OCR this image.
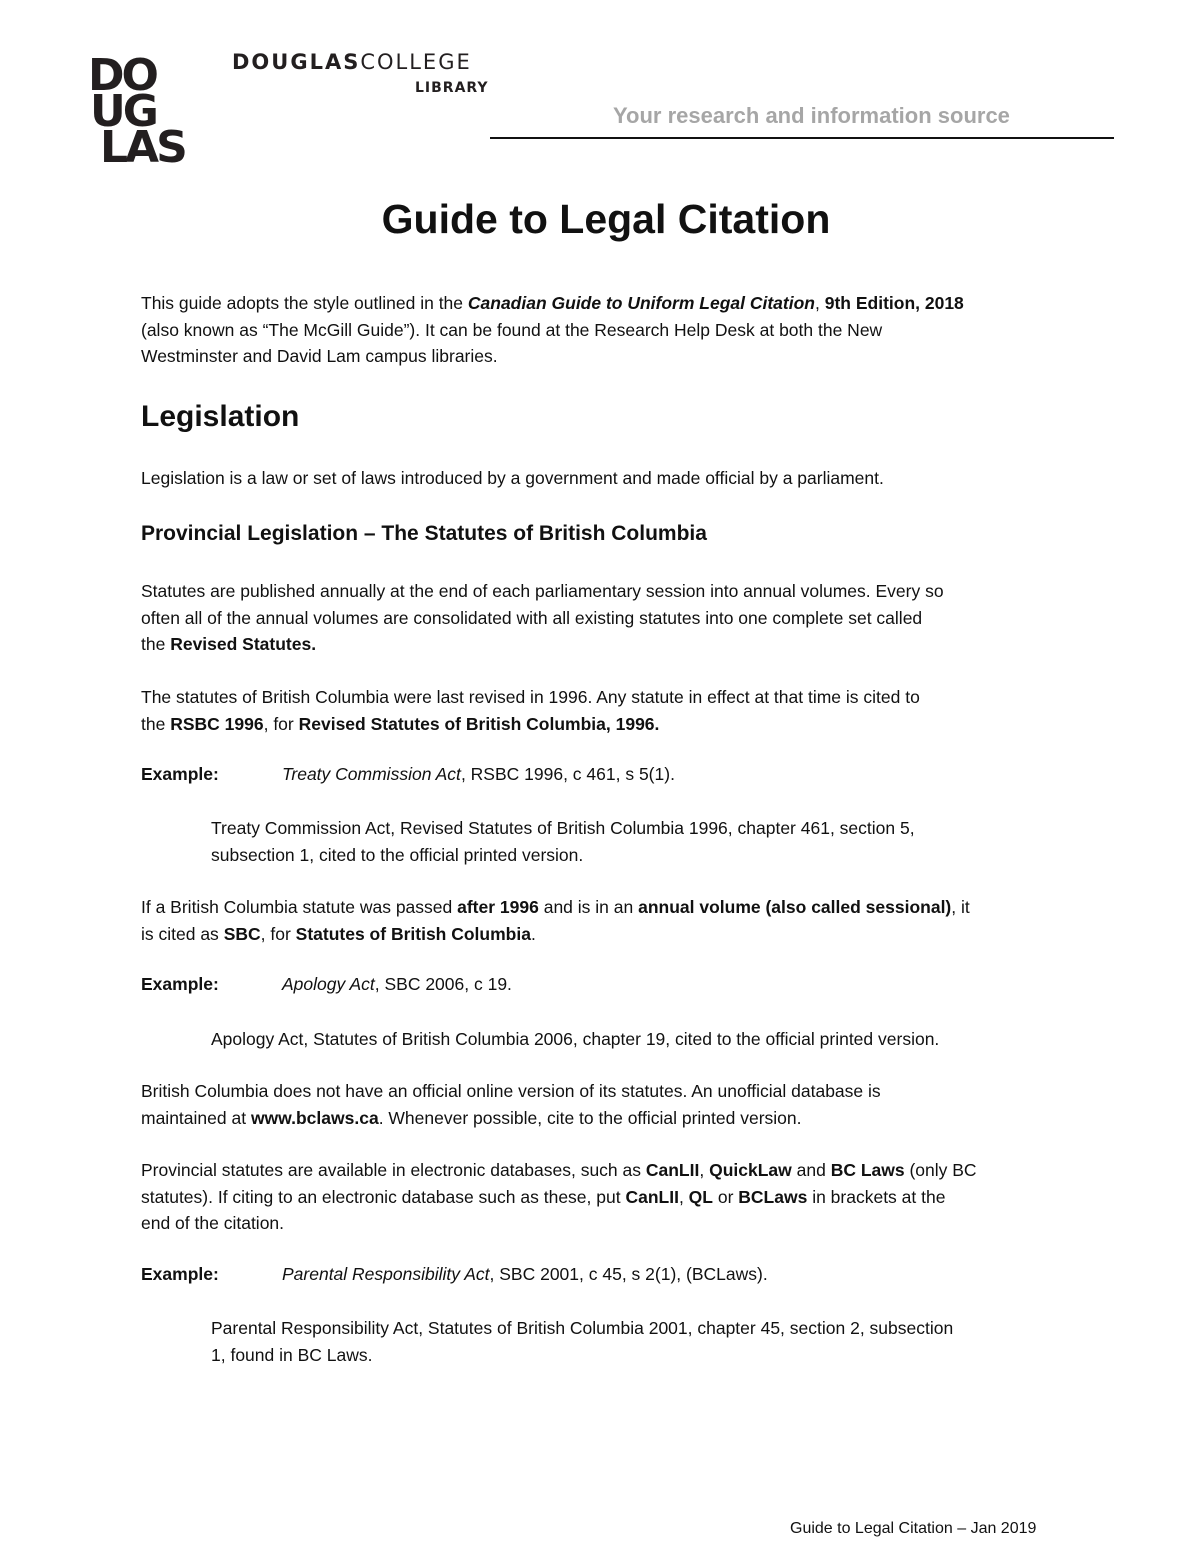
DO
UG
LAS
DOUGLASCOLLEGE
LIBRARY
Your research and information source
Guide to Legal Citation

This guide adopts the style outlined in the Canadian Guide to Uniform Legal Citation, 9th Edition, 2018
(also known as “The McGill Guide”). It can be found at the Research Help Desk at both the New
Westminster and David Lam campus libraries.

Legislation

Legislation is a law or set of laws introduced by a government and made official by a parliament.

Provincial Legislation – The Statutes of British Columbia

Statutes are published annually at the end of each parliamentary session into annual volumes. Every so
often all of the annual volumes are consolidated with all existing statutes into one complete set called
the Revised Statutes.

The statutes of British Columbia were last revised in 1996. Any statute in effect at that time is cited to
the RSBC 1996, for Revised Statutes of British Columbia, 1996.

Example:	Treaty Commission Act, RSBC 1996, c 461, s 5(1).

Treaty Commission Act, Revised Statutes of British Columbia 1996, chapter 461, section 5,
subsection 1, cited to the official printed version.

If a British Columbia statute was passed after 1996 and is in an annual volume (also called sessional), it
is cited as SBC, for Statutes of British Columbia.

Example:	Apology Act, SBC 2006, c 19.

Apology Act, Statutes of British Columbia 2006, chapter 19, cited to the official printed version.

British Columbia does not have an official online version of its statutes. An unofficial database is
maintained at www.bclaws.ca. Whenever possible, cite to the official printed version.

Provincial statutes are available in electronic databases, such as CanLII, QuickLaw and BC Laws (only BC
statutes). If citing to an electronic database such as these, put CanLII, QL or BCLaws in brackets at the
end of the citation.

Example:	Parental Responsibility Act, SBC 2001, c 45, s 2(1), (BCLaws).

Parental Responsibility Act, Statutes of British Columbia 2001, chapter 45, section 2, subsection
1, found in BC Laws.

Guide to Legal Citation – Jan 2019
